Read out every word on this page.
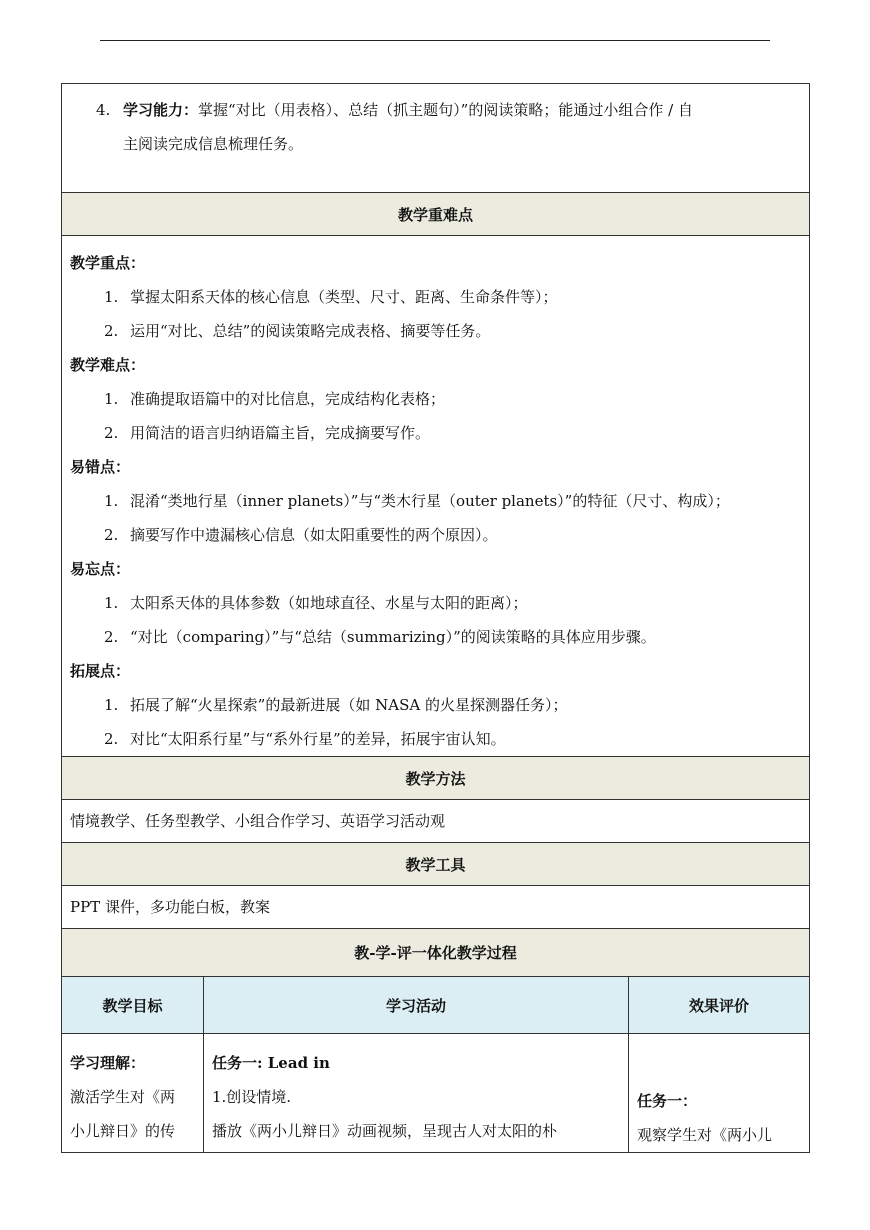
4. 学习能力：掌握“对比（用表格）、总结（抓主题句）”的阅读策略；能通过小组合作 / 自
主阅读完成信息梳理任务。
教学重难点
教学重点：
1. 掌握太阳系天体的核心信息（类型、尺寸、距离、生命条件等）；
2. 运用“对比、总结”的阅读策略完成表格、摘要等任务。
教学难点：
1. 准确提取语篇中的对比信息，完成结构化表格；
2. 用简洁的语言归纳语篇主旨，完成摘要写作。
易错点：
1. 混淆“类地行星（inner planets）”与“类木行星（outer planets）”的特征（尺寸、构成）；
2. 摘要写作中遗漏核心信息（如太阳重要性的两个原因）。
易忘点：
1. 太阳系天体的具体参数（如地球直径、水星与太阳的距离）；
2. “对比（comparing）”与“总结（summarizing）”的阅读策略的具体应用步骤。
拓展点：
1. 拓展了解“火星探索”的最新进展（如 NASA 的火星探测器任务）；
2. 对比“太阳系行星”与“系外行星”的差异，拓展宇宙认知。
教学方法
情境教学、任务型教学、小组合作学习、英语学习活动观
教学工具
PPT 课件，多功能白板，教案
教-学-评一体化教学过程
教学目标	学习活动	效果评价
学习理解：
激活学生对《两
小儿辩日》的传
任务一: Lead in
1.创设情境.
播放《两小儿辩日》动画视频，呈现古人对太阳的朴
任务一：
观察学生对《两小儿
